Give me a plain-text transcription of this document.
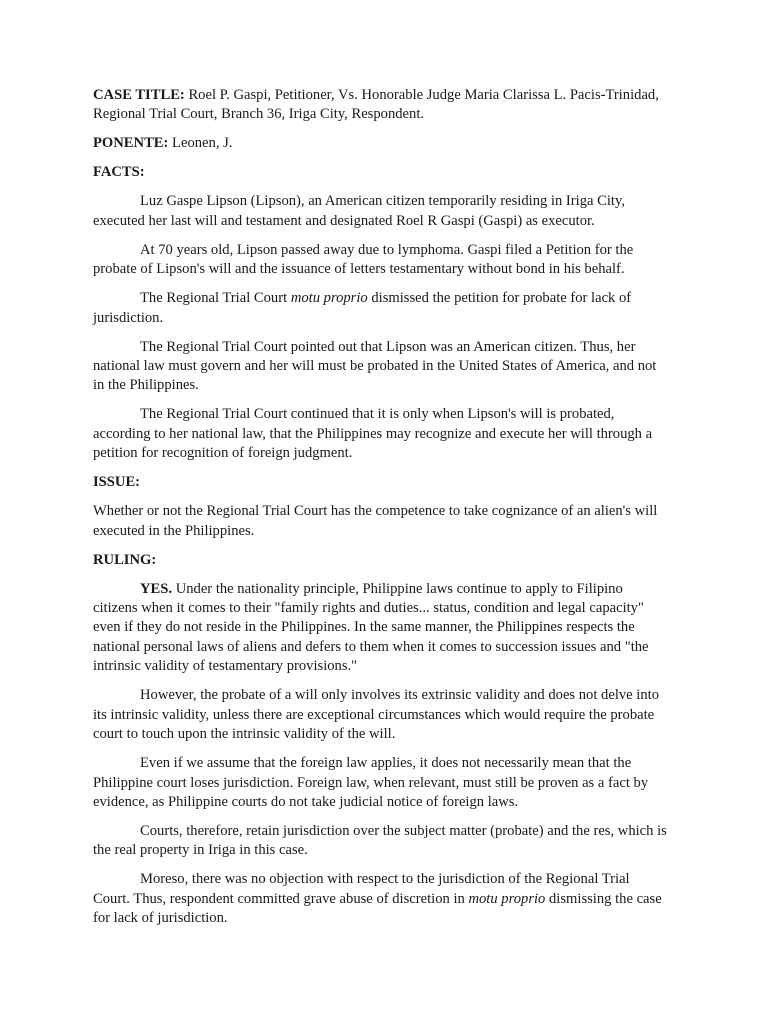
CASE TITLE: Roel P. Gaspi, Petitioner, Vs. Honorable Judge Maria Clarissa L. Pacis-Trinidad, Regional Trial Court, Branch 36, Iriga City, Respondent.

PONENTE: Leonen, J.

FACTS:

Luz Gaspe Lipson (Lipson), an American citizen temporarily residing in Iriga City, executed her last will and testament and designated Roel R Gaspi (Gaspi) as executor.

At 70 years old, Lipson passed away due to lymphoma. Gaspi filed a Petition for the probate of Lipson's will and the issuance of letters testamentary without bond in his behalf.

The Regional Trial Court motu proprio dismissed the petition for probate for lack of jurisdiction.

The Regional Trial Court pointed out that Lipson was an American citizen. Thus, her national law must govern and her will must be probated in the United States of America, and not in the Philippines.

The Regional Trial Court continued that it is only when Lipson's will is probated, according to her national law, that the Philippines may recognize and execute her will through a petition for recognition of foreign judgment.

ISSUE:

Whether or not the Regional Trial Court has the competence to take cognizance of an alien's will executed in the Philippines.

RULING:

YES. Under the nationality principle, Philippine laws continue to apply to Filipino citizens when it comes to their "family rights and duties... status, condition and legal capacity" even if they do not reside in the Philippines. In the same manner, the Philippines respects the national personal laws of aliens and defers to them when it comes to succession issues and "the intrinsic validity of testamentary provisions."

However, the probate of a will only involves its extrinsic validity and does not delve into its intrinsic validity, unless there are exceptional circumstances which would require the probate court to touch upon the intrinsic validity of the will.

Even if we assume that the foreign law applies, it does not necessarily mean that the Philippine court loses jurisdiction. Foreign law, when relevant, must still be proven as a fact by evidence, as Philippine courts do not take judicial notice of foreign laws.

Courts, therefore, retain jurisdiction over the subject matter (probate) and the res, which is the real property in Iriga in this case.

Moreso, there was no objection with respect to the jurisdiction of the Regional Trial Court. Thus, respondent committed grave abuse of discretion in motu proprio dismissing the case for lack of jurisdiction.
